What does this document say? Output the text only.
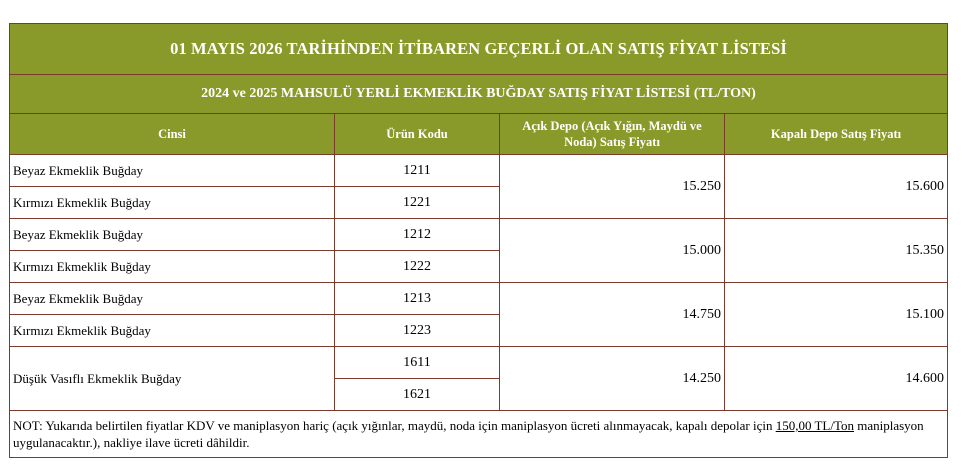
01 MAYIS 2026 TARİHİNDEN İTİBAREN GEÇERLİ OLAN SATIŞ FİYAT LİSTESİ			
2024 ve 2025 MAHSULÜ YERLİ EKMEKLİK BUĞDAY SATIŞ FİYAT LİSTESİ (TL/TON)			
Cinsi	Ürün Kodu	Açık Depo (Açık Yığın, Maydü ve
Noda) Satış Fiyatı	Kapalı Depo Satış Fiyatı
Beyaz Ekmeklik Buğday	1211	15.250	15.600
Kırmızı Ekmeklik Buğday	1221		
Beyaz Ekmeklik Buğday	1212	15.000	15.350
Kırmızı Ekmeklik Buğday	1222		
Beyaz Ekmeklik Buğday	1213	14.750	15.100
Kırmızı Ekmeklik Buğday	1223		
Düşük Vasıflı Ekmeklik Buğday	1611	14.250	14.600
	1621		
NOT: Yukarıda belirtilen fiyatlar KDV ve maniplasyon hariç (açık yığınlar, maydü, noda için maniplasyon ücreti alınmayacak, kapalı depolar için 150,00 TL/Ton maniplasyon uygulanacaktır.), nakliye ilave ücreti dâhildir.			
